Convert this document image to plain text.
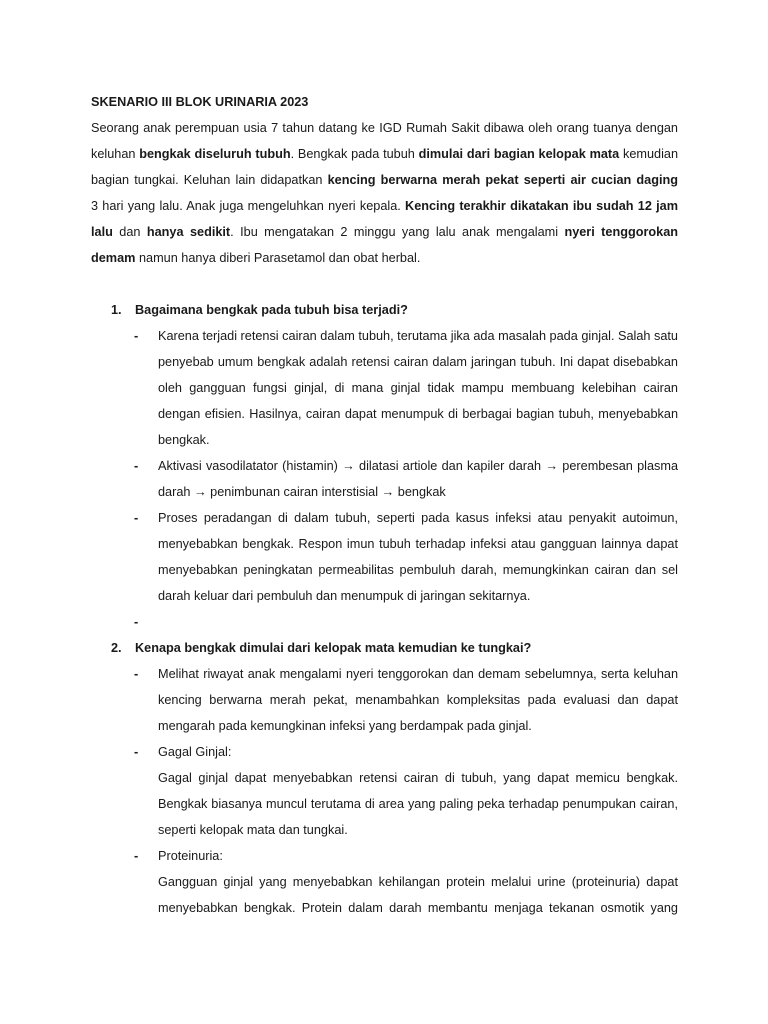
SKENARIO III BLOK URINARIA 2023
Seorang anak perempuan usia 7 tahun datang ke IGD Rumah Sakit dibawa oleh orang tuanya dengan
keluhan bengkak diseluruh tubuh. Bengkak pada tubuh dimulai dari bagian kelopak mata kemudian
bagian tungkai. Keluhan lain didapatkan kencing berwarna merah pekat seperti air cucian daging
3 hari yang lalu. Anak juga mengeluhkan nyeri kepala. Kencing terakhir dikatakan ibu sudah 12 jam
lalu dan hanya sedikit. Ibu mengatakan 2 minggu yang lalu anak mengalami nyeri tenggorokan
demam namun hanya diberi Parasetamol dan obat herbal.
1. Bagaimana bengkak pada tubuh bisa terjadi?
- Karena terjadi retensi cairan dalam tubuh, terutama jika ada masalah pada ginjal. Salah satu
penyebab umum bengkak adalah retensi cairan dalam jaringan tubuh. Ini dapat disebabkan
oleh gangguan fungsi ginjal, di mana ginjal tidak mampu membuang kelebihan cairan
dengan efisien. Hasilnya, cairan dapat menumpuk di berbagai bagian tubuh, menyebabkan
bengkak.
- Aktivasi vasodilatator (histamin) → dilatasi artiole dan kapiler darah → perembesan plasma
darah → penimbunan cairan interstisial → bengkak
- Proses peradangan di dalam tubuh, seperti pada kasus infeksi atau penyakit autoimun,
menyebabkan bengkak. Respon imun tubuh terhadap infeksi atau gangguan lainnya dapat
menyebabkan peningkatan permeabilitas pembuluh darah, memungkinkan cairan dan sel
darah keluar dari pembuluh dan menumpuk di jaringan sekitarnya.
-
2. Kenapa bengkak dimulai dari kelopak mata kemudian ke tungkai?
- Melihat riwayat anak mengalami nyeri tenggorokan dan demam sebelumnya, serta keluhan
kencing berwarna merah pekat, menambahkan kompleksitas pada evaluasi dan dapat
mengarah pada kemungkinan infeksi yang berdampak pada ginjal.
- Gagal Ginjal:
Gagal ginjal dapat menyebabkan retensi cairan di tubuh, yang dapat memicu bengkak.
Bengkak biasanya muncul terutama di area yang paling peka terhadap penumpukan cairan,
seperti kelopak mata dan tungkai.
- Proteinuria:
Gangguan ginjal yang menyebabkan kehilangan protein melalui urine (proteinuria) dapat
menyebabkan bengkak. Protein dalam darah membantu menjaga tekanan osmotik yang
